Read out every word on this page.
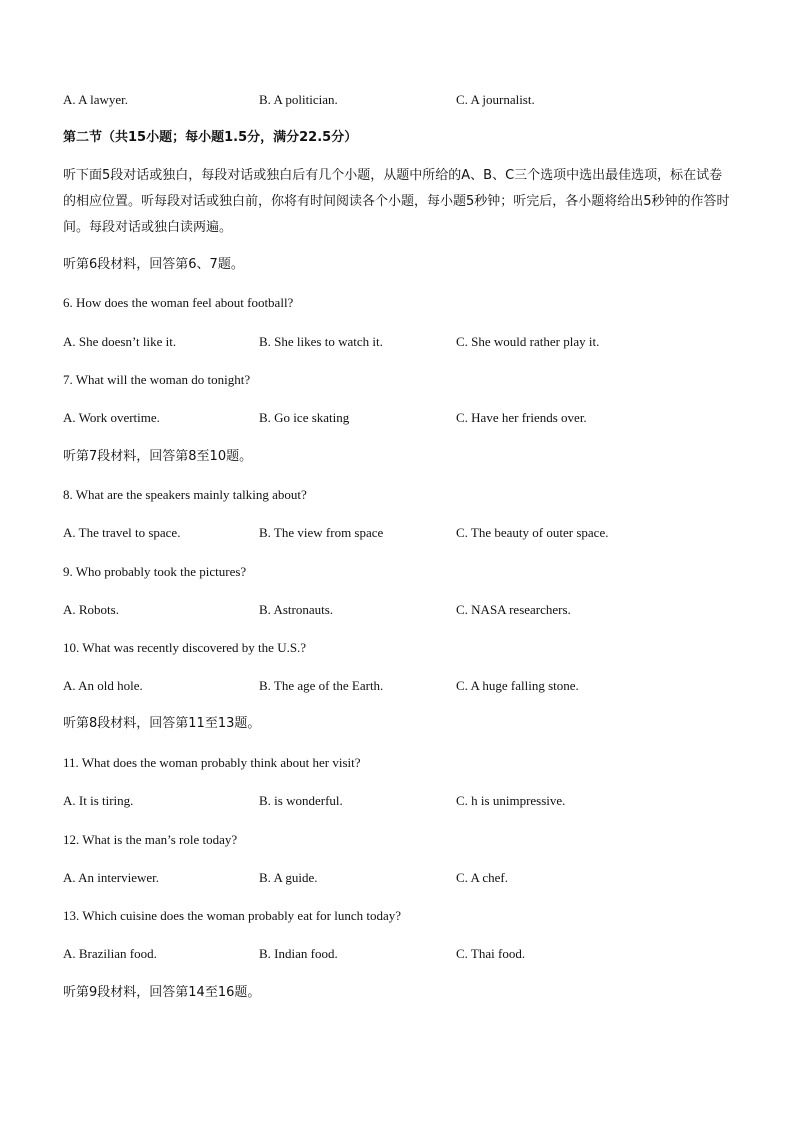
A. A lawyer.	B. A politician.	C. A journalist.
第二节（共15小题；每小题1.5分，满分22.5分）
听下面5段对话或独白，每段对话或独白后有几个小题，从题中所给的A、B、C三个选项中选出最佳选项，标在试卷的相应位置。听每段对话或独白前，你将有时间阅读各个小题，每小题5秒钟；听完后，各小题将给出5秒钟的作答时间。每段对话或独白读两遍。
听第6段材料，回答第6、7题。
6. How does the woman feel about football?
A. She doesn’t like it.	B. She likes to watch it.	C. She would rather play it.
7. What will the woman do tonight?
A. Work overtime.	B. Go ice skating	C. Have her friends over.
听第7段材料，回答第8至10题。
8. What are the speakers mainly talking about?
A. The travel to space.	B. The view from space	C. The beauty of outer space.
9. Who probably took the pictures?
A. Robots.	B. Astronauts.	C. NASA researchers.
10. What was recently discovered by the U.S.?
A. An old hole.	B. The age of the Earth.	C. A huge falling stone.
听第8段材料，回答第11至13题。
11. What does the woman probably think about her visit?
A. It is tiring.	B. is wonderful.	C. h is unimpressive.
12. What is the man’s role today?
A. An interviewer.	B. A guide.	C. A chef.
13. Which cuisine does the woman probably eat for lunch today?
A. Brazilian food.	B. Indian food.	C. Thai food.
听第9段材料，回答第14至16题。
